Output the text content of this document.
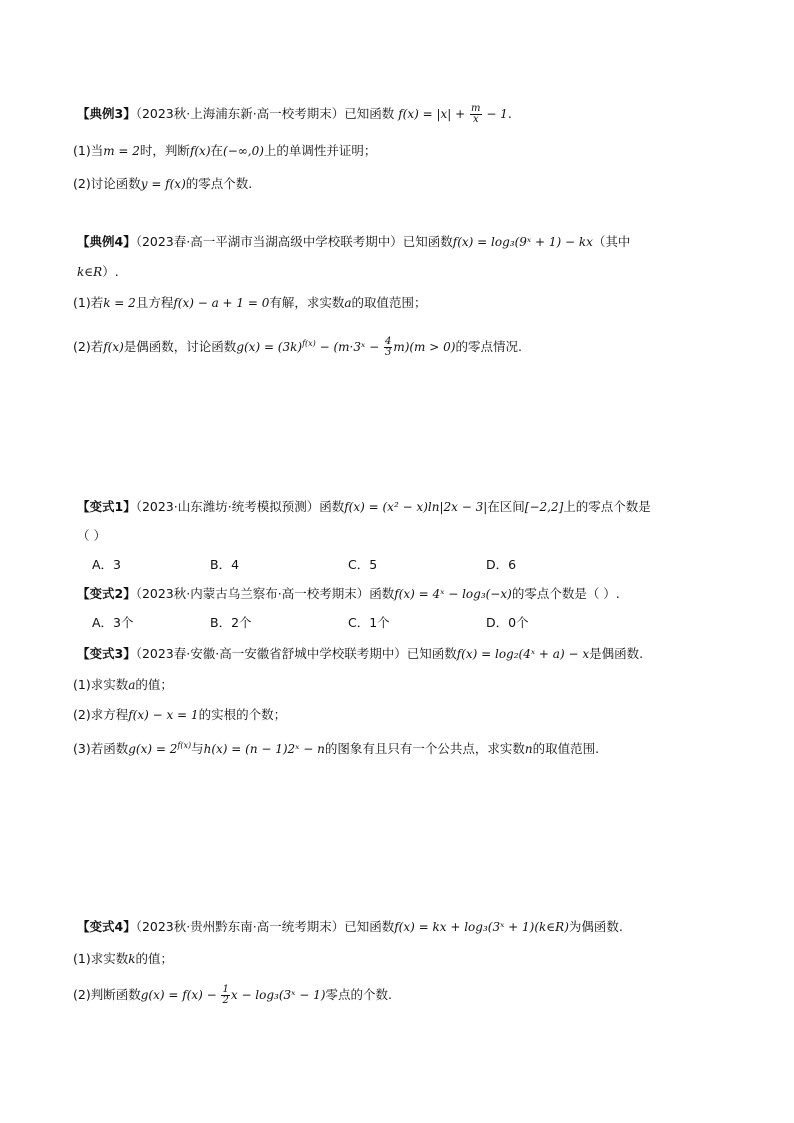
【典例3】（2023秋·上海浦东新·高一校考期末）已知函数 $f(x) = |x| + \frac{m}{x} - 1$.
(1)当m = 2时，判断f(x)在(−∞,0)上的单调性并证明；
(2)讨论函数y = f(x)的零点个数.
【典例4】（2023春·高一平湖市当湖高级中学校联考期中）已知函数f(x) = log₃(9ˣ + 1) − kx（其中
k∈R）.
(1)若k = 2且方程f(x) − a + 1 = 0有解，求实数a的取值范围；
(2)若f(x)是偶函数，讨论函数$g(x) = (3k)^{f(x)}$ − (m·3ˣ − $\frac{4}{3} m)(m > 0)$的零点情况.
【变式1】（2023·山东潍坊·统考模拟预测）函数f(x) = (x² − x)ln|2x − 3|在区间[−2,2]上的零点个数是
（ ）
A．3	B．4	C．5	D．6
【变式2】（2023秋·内蒙古乌兰察布·高一校考期末）函数f(x) = 4ˣ − log₃(−x)的零点个数是（ ）.
A．3个	B．2个	C．1个	D．0个
【变式3】（2023春·安徽·高一安徽省舒城中学校联考期中）已知函数f(x) = log₂(4ˣ + a) − x是偶函数.
(1)求实数a的值；
(2)求方程f(x) − x = 1的实根的个数；
(3)若函数$g(x) = 2^{f(x)}$与h(x) = (n − 1)2ˣ − n的图象有且只有一个公共点，求实数n的取值范围.
【变式4】（2023秋·贵州黔东南·高一统考期末）已知函数f(x) = kx + log₃(3ˣ + 1)(k∈R)为偶函数.
(1)求实数k的值；
(2)判断函数$g(x) = f(x) - \frac{1}{2}$ x − log₃(3ˣ − 1)零点的个数.
